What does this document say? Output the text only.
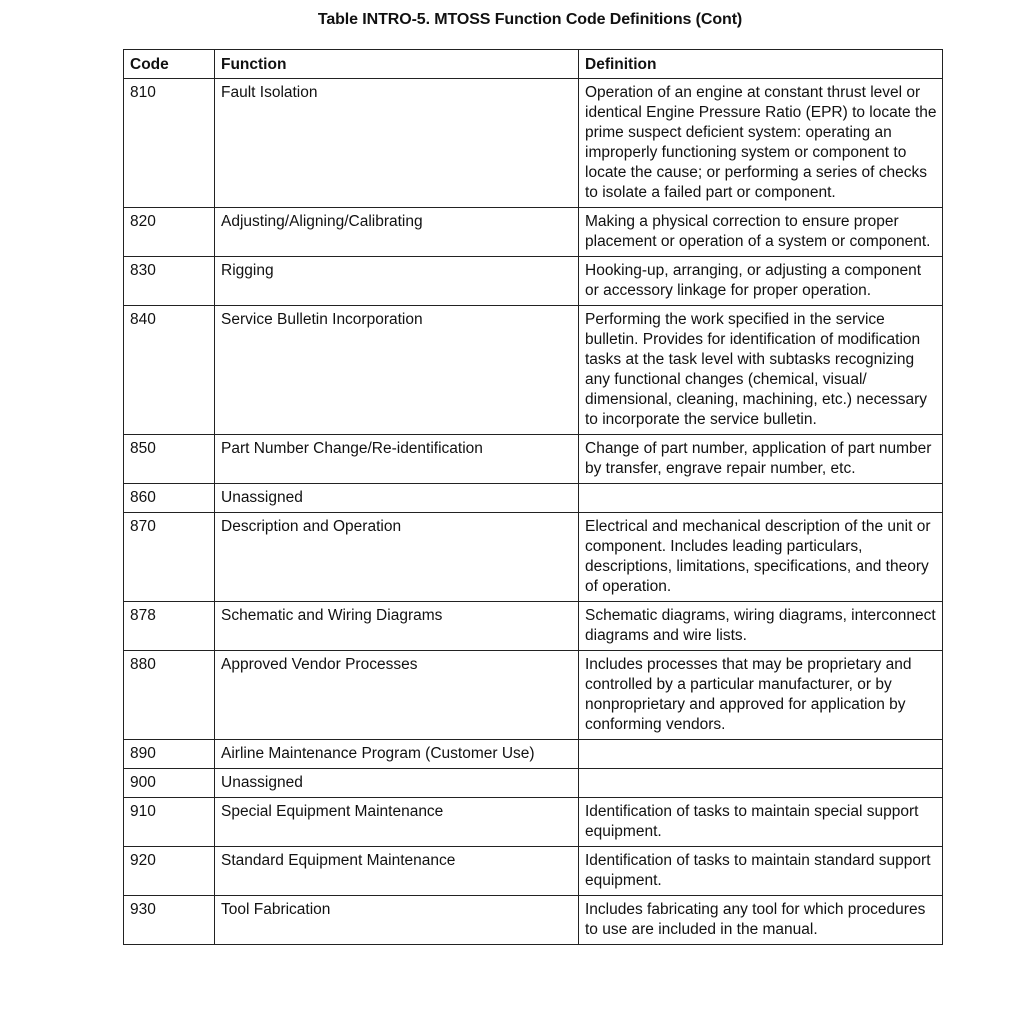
Table INTRO-5. MTOSS Function Code Definitions (Cont)
Code	Function	Definition
810	Fault Isolation	Operation of an engine at constant thrust level or identical Engine Pressure Ratio (EPR) to locate the prime suspect deficient system: operating an improperly functioning system or component to locate the cause; or performing a series of checks to isolate a failed part or component.
820	Adjusting/Aligning/Calibrating	Making a physical correction to ensure proper placement or operation of a system or component.
830	Rigging	Hooking-up, arranging, or adjusting a component or accessory linkage for proper operation.
840	Service Bulletin Incorporation	Performing the work specified in the service bulletin. Provides for identification of modification tasks at the task level with subtasks recognizing any functional changes (chemical, visual/ dimensional, cleaning, machining, etc.) necessary to incorporate the service bulletin.
850	Part Number Change/Re-identification	Change of part number, application of part number by transfer, engrave repair number, etc.
860	Unassigned	
870	Description and Operation	Electrical and mechanical description of the unit or component. Includes leading particulars, descriptions, limitations, specifications, and theory of operation.
878	Schematic and Wiring Diagrams	Schematic diagrams, wiring diagrams, interconnect diagrams and wire lists.
880	Approved Vendor Processes	Includes processes that may be proprietary and controlled by a particular manufacturer, or by nonproprietary and approved for application by conforming vendors.
890	Airline Maintenance Program (Customer Use)	
900	Unassigned	
910	Special Equipment Maintenance	Identification of tasks to maintain special support equipment.
920	Standard Equipment Maintenance	Identification of tasks to maintain standard support equipment.
930	Tool Fabrication	Includes fabricating any tool for which procedures to use are included in the manual.
